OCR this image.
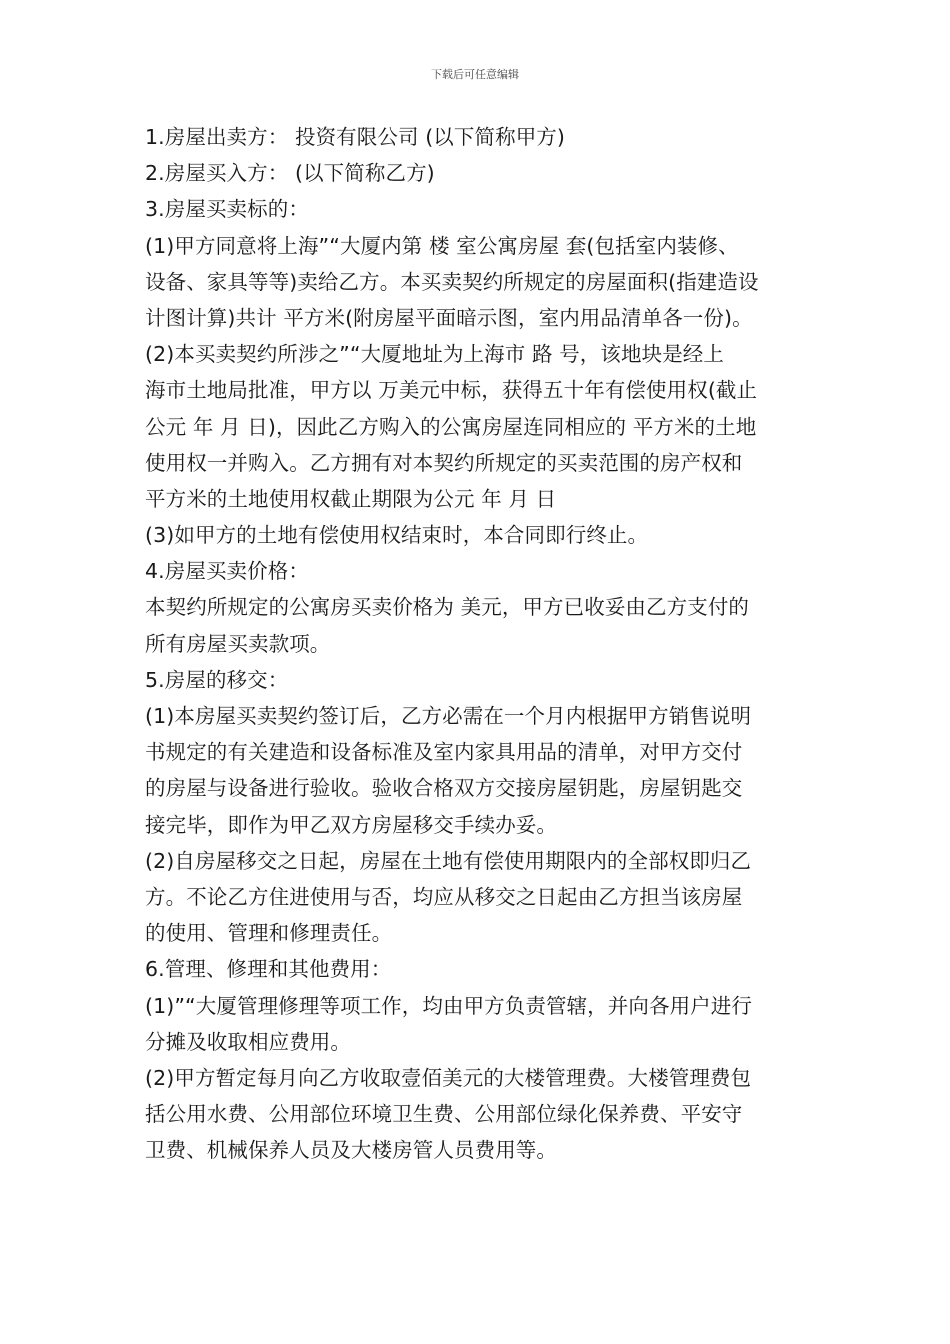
下载后可任意编辑
1.房屋出卖方： 投资有限公司 (以下简称甲方)
2.房屋买入方： (以下简称乙方)
3.房屋买卖标的：
(1)甲方同意将上海”“大厦内第 楼 室公寓房屋 套(包括室内装修、
设备、家具等等)卖给乙方。本买卖契约所规定的房屋面积(指建造设
计图计算)共计 平方米(附房屋平面暗示图，室内用品清单各一份)。
(2)本买卖契约所涉之”“大厦地址为上海市 路 号，该地块是经上
海市土地局批准，甲方以 万美元中标，获得五十年有偿使用权(截止
公元 年 月 日)，因此乙方购入的公寓房屋连同相应的 平方米的土地
使用权一并购入。乙方拥有对本契约所规定的买卖范围的房产权和
平方米的土地使用权截止期限为公元 年 月 日
(3)如甲方的土地有偿使用权结束时，本合同即行终止。
4.房屋买卖价格：
本契约所规定的公寓房买卖价格为 美元，甲方已收妥由乙方支付的
所有房屋买卖款项。
5.房屋的移交：
(1)本房屋买卖契约签订后，乙方必需在一个月内根据甲方销售说明
书规定的有关建造和设备标准及室内家具用品的清单，对甲方交付
的房屋与设备进行验收。验收合格双方交接房屋钥匙，房屋钥匙交
接完毕，即作为甲乙双方房屋移交手续办妥。
(2)自房屋移交之日起，房屋在土地有偿使用期限内的全部权即归乙
方。不论乙方住进使用与否，均应从移交之日起由乙方担当该房屋
的使用、管理和修理责任。
6.管理、修理和其他费用：
(1)”“大厦管理修理等项工作，均由甲方负责管辖，并向各用户进行
分摊及收取相应费用。
(2)甲方暂定每月向乙方收取壹佰美元的大楼管理费。大楼管理费包
括公用水费、公用部位环境卫生费、公用部位绿化保养费、平安守
卫费、机械保养人员及大楼房管人员费用等。
